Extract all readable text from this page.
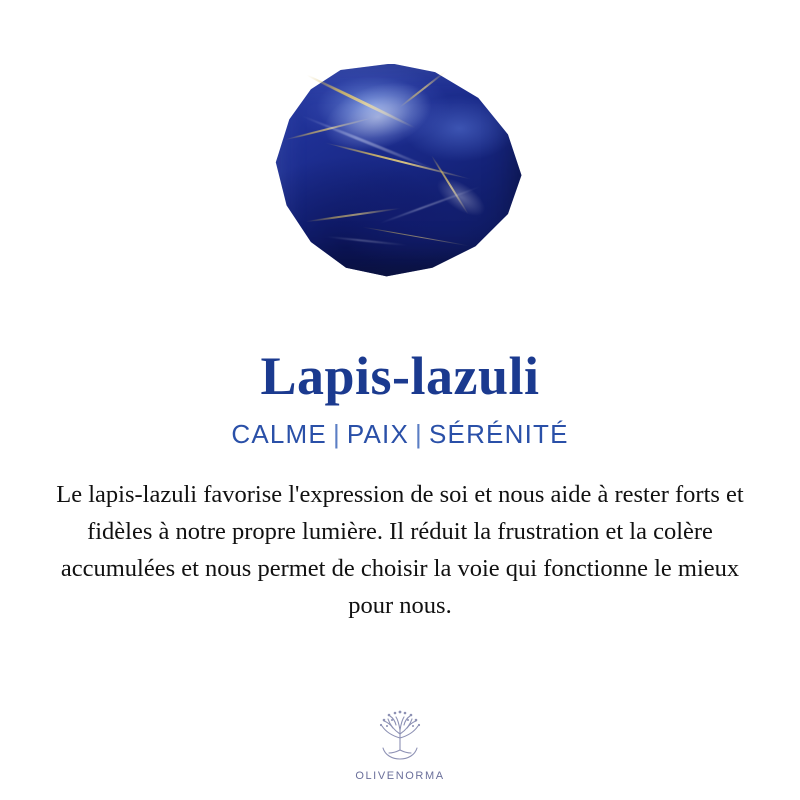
Lapis-lazuli
CALME | PAIX | SÉRÉNITÉ
Le lapis-lazuli favorise l'expression de soi et nous aide à rester forts et fidèles à notre propre lumière. Il réduit la frustration et la colère accumulées et nous permet de choisir la voie qui fonctionne le mieux pour nous.
OLIVENORMA
